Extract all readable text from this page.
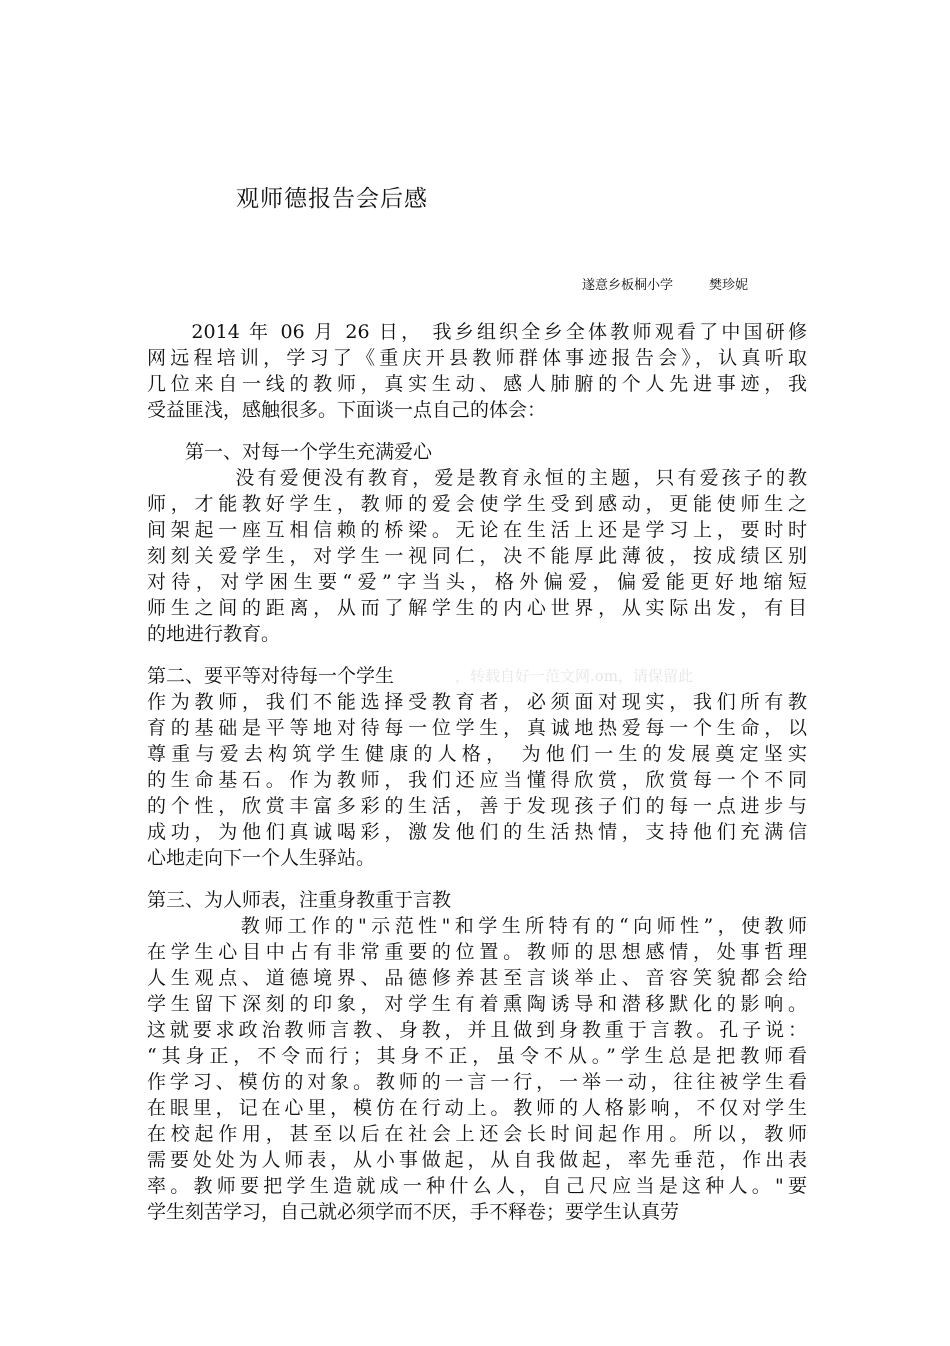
观师德报告会后感
遂意乡板桐小学	樊珍妮
，转载自好一范文网.om，请保留此
　　2014 年 06 月 26 日， 我乡组织全乡全体教师观看了中国研修
网远程培训，学习了《重庆开县教师群体事迹报告会》，认真听取
几位来自一线的教师，真实生动、感人肺腑的个人先进事迹，我
受益匪浅，感触很多。下面谈一点自己的体会：
　　第一、对每一个学生充满爱心
　　　　没有爱便没有教育，爱是教育永恒的主题，只有爱孩子的教
师，才能教好学生，教师的爱会使学生受到感动，更能使师生之
间架起一座互相信赖的桥梁。无论在生活上还是学习上，要时时
刻刻关爱学生，对学生一视同仁，决不能厚此薄彼，按成绩区别
对待，对学困生要“爱”字当头，格外偏爱，偏爱能更好地缩短
师生之间的距离，从而了解学生的内心世界，从实际出发，有目
的地进行教育。
第二、要平等对待每一个学生
作为教师，我们不能选择受教育者，必须面对现实，我们所有教
育的基础是平等地对待每一位学生，真诚地热爱每一个生命，以
尊重与爱去构筑学生健康的人格， 为他们一生的发展奠定坚实
的生命基石。作为教师，我们还应当懂得欣赏，欣赏每一个不同
的个性，欣赏丰富多彩的生活，善于发现孩子们的每一点进步与
成功，为他们真诚喝彩，激发他们的生活热情，支持他们充满信
心地走向下一个人生驿站。
第三、为人师表，注重身教重于言教
　　　　教师工作的"示范性"和学生所特有的“向师性”，使教师
在学生心目中占有非常重要的位置。教师的思想感情，处事哲理
人生观点、道德境界、品德修养甚至言谈举止、音容笑貌都会给
学生留下深刻的印象，对学生有着熏陶诱导和潜移默化的影响。
这就要求政治教师言教、身教，并且做到身教重于言教。孔子说：
“其身正，不令而行；其身不正，虽令不从。”学生总是把教师看
作学习、模仿的对象。教师的一言一行，一举一动，往往被学生看
在眼里，记在心里，模仿在行动上。教师的人格影响，不仅对学生
在校起作用，甚至以后在社会上还会长时间起作用。所以，教师
需要处处为人师表，从小事做起，从自我做起，率先垂范，作出表
率。教师要把学生造就成一种什么人，自己尺应当是这种人。"要
学生刻苦学习，自己就必须学而不厌，手不释卷；要学生认真劳
